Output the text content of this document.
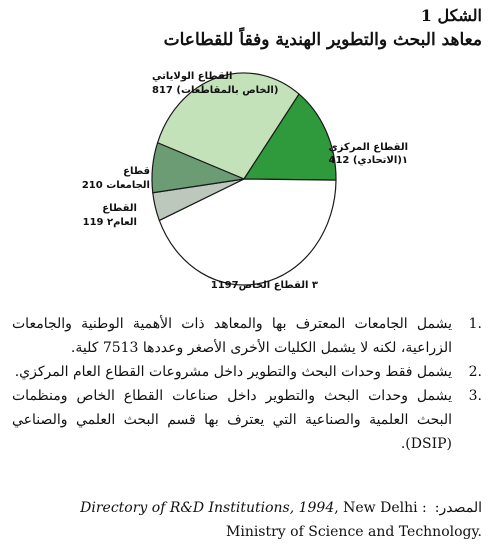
الشكل 1
معاهد البحث والتطوير الهندية وفقاً للقطاعات
القطاع الولاياتي
817 (الخاص بالمقاطعات)
القطاع المركزي
412 (الاتحادي)١
1197٣ القطاع الخاص
القطاع
119 العام٢
قطاع
210 الجامعات
.1
يشمل الجامعات المعترف بها والمعاهد ذات الأهمية الوطنية والجامعات الزراعية، لكنه لا يشمل الكليات الأخرى الأصغر وعددها 7513 كلية.
.2
يشمل فقط وحدات البحث والتطوير داخل مشروعات القطاع العام المركزي.
.3
يشمل وحدات البحث والتطوير داخل صناعات القطاع الخاص ومنظمات البحث العلمية والصناعية التي يعترف بها قسم البحث العلمي والصناعي (DSIP).
المصدر:Directory of R&D Institutions, 1994, New Delhi :
Ministry of Science and Technology.
